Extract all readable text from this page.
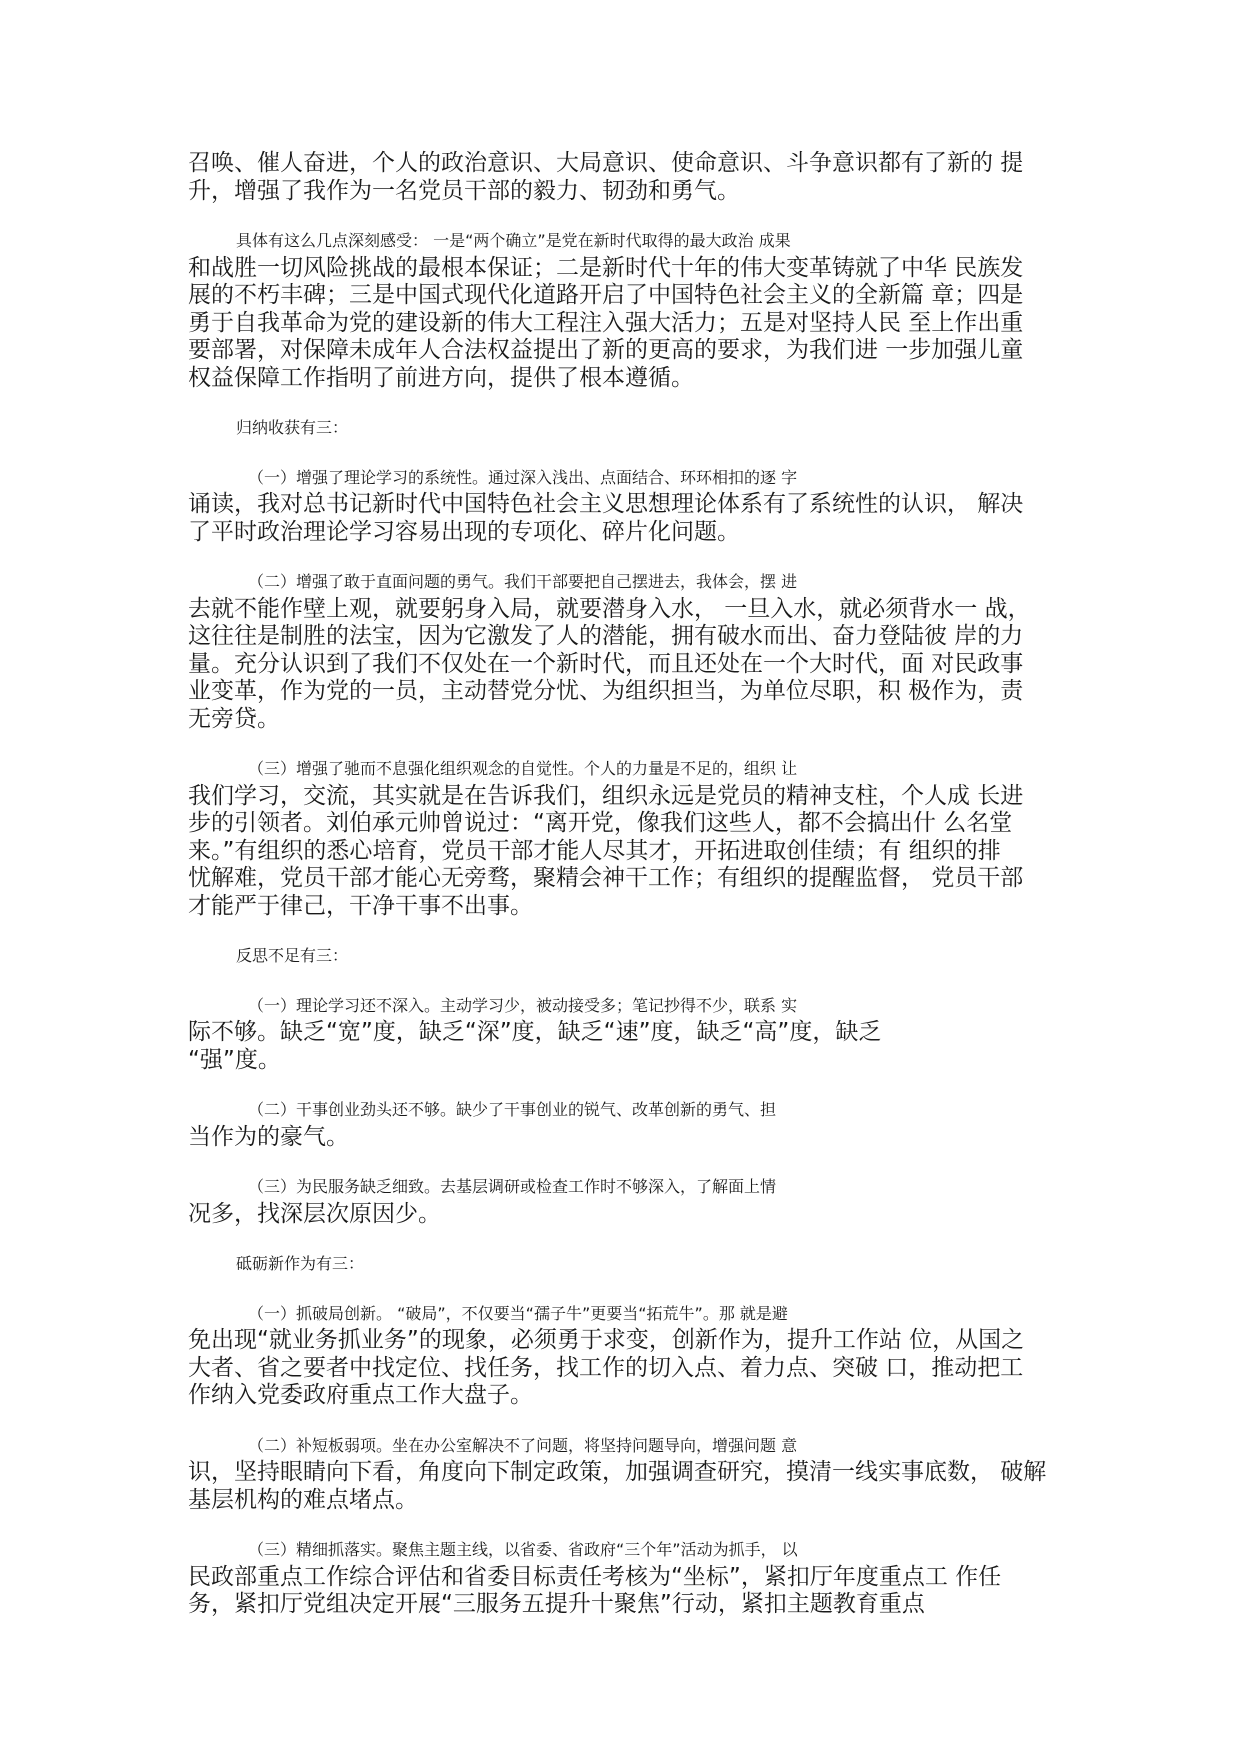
召唤、催人奋进，个人的政治意识、大局意识、使命意识、斗争意识都有了新的 提
升，增强了我作为一名党员干部的毅力、韧劲和勇气。
具体有这么几点深刻感受： 一是“两个确立”是党在新时代取得的最大政治 成果
和战胜一切风险挑战的最根本保证；二是新时代十年的伟大变革铸就了中华 民族发
展的不朽丰碑；三是中国式现代化道路开启了中国特色社会主义的全新篇 章；四是
勇于自我革命为党的建设新的伟大工程注入强大活力；五是对坚持人民 至上作出重
要部署，对保障未成年人合法权益提出了新的更高的要求，为我们进 一步加强儿童
权益保障工作指明了前进方向，提供了根本遵循。
归纳收获有三：
（一）增强了理论学习的系统性。通过深入浅出、点面结合、环环相扣的逐 字
诵读，我对总书记新时代中国特色社会主义思想理论体系有了系统性的认识， 解决
了平时政治理论学习容易出现的专项化、碎片化问题。
（二）增强了敢于直面问题的勇气。我们干部要把自己摆进去，我体会，摆 进
去就不能作壁上观，就要躬身入局，就要潜身入水， 一旦入水，就必须背水一 战，
这往往是制胜的法宝，因为它激发了人的潜能，拥有破水而出、奋力登陆彼 岸的力
量。充分认识到了我们不仅处在一个新时代，而且还处在一个大时代，面 对民政事
业变革，作为党的一员，主动替党分忧、为组织担当，为单位尽职，积 极作为，责
无旁贷。
（三）增强了驰而不息强化组织观念的自觉性。个人的力量是不足的，组织 让
我们学习，交流，其实就是在告诉我们，组织永远是党员的精神支柱，个人成 长进
步的引领者。刘伯承元帅曾说过：“离开党，像我们这些人，都不会搞出什 么名堂
来。”有组织的悉心培育，党员干部才能人尽其才，开拓进取创佳绩；有 组织的排
忧解难，党员干部才能心无旁骛，聚精会神干工作；有组织的提醒监督， 党员干部
才能严于律己，干净干事不出事。
反思不足有三：
（一）理论学习还不深入。主动学习少，被动接受多；笔记抄得不少，联系 实
际不够。缺乏“宽”度，缺乏“深”度，缺乏“速”度，缺乏“高”度，缺乏
“强”度。
（二）干事创业劲头还不够。缺少了干事创业的锐气、改革创新的勇气、担
当作为的豪气。
（三）为民服务缺乏细致。去基层调研或检查工作时不够深入，了解面上情
况多，找深层次原因少。
砥砺新作为有三：
（一）抓破局创新。 “破局”，不仅要当“孺子牛”更要当“拓荒牛”。那 就是避
免出现“就业务抓业务”的现象，必须勇于求变，创新作为，提升工作站 位，从国之
大者、省之要者中找定位、找任务，找工作的切入点、着力点、突破 口，推动把工
作纳入党委政府重点工作大盘子。
（二）补短板弱项。坐在办公室解决不了问题，将坚持问题导向，增强问题 意
识，坚持眼睛向下看，角度向下制定政策，加强调查研究，摸清一线实事底数， 破解
基层机构的难点堵点。
（三）精细抓落实。聚焦主题主线，以省委、省政府“三个年”活动为抓手， 以
民政部重点工作综合评估和省委目标责任考核为“坐标”，紧扣厅年度重点工 作任
务，紧扣厅党组决定开展“三服务五提升十聚焦”行动，紧扣主题教育重点
